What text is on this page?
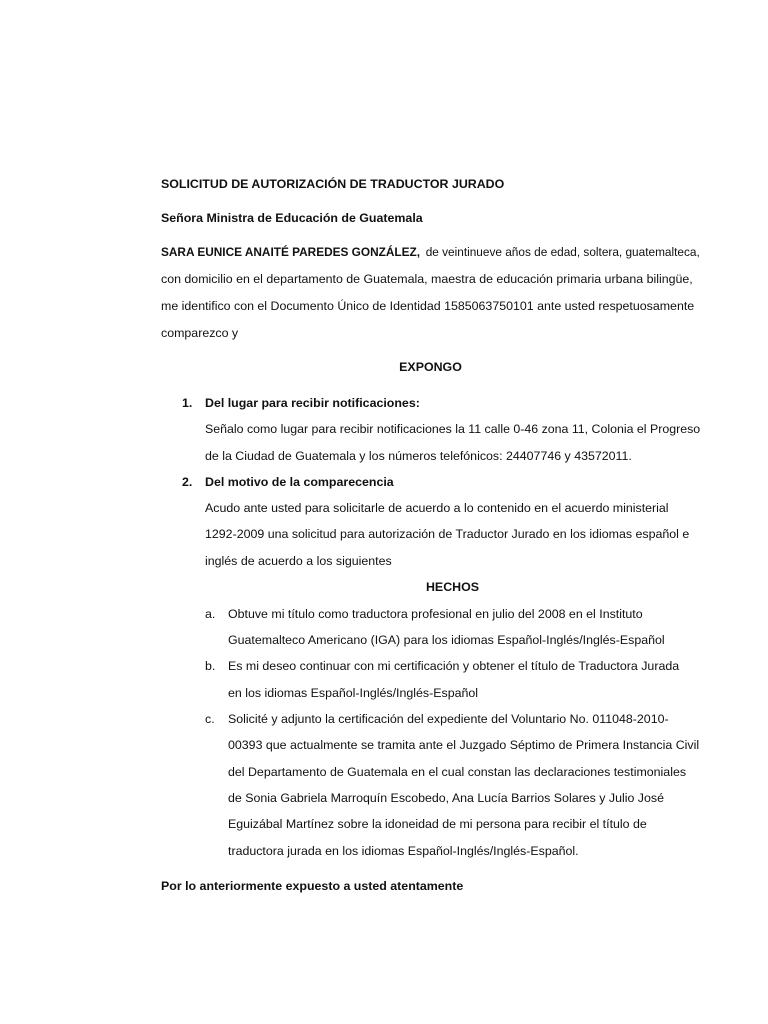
SOLICITUD DE AUTORIZACIÓN DE TRADUCTOR JURADO
Señora Ministra de Educación de Guatemala
SARA EUNICE ANAITÉ PAREDES GONZÁLEZ, de veintinueve años de edad, soltera, guatemalteca,
con domicilio en el departamento de Guatemala, maestra de educación primaria urbana bilingüe,
me identifico con el Documento Único de Identidad 1585063750101 ante usted respetuosamente
comparezco y
EXPONGO
1. Del lugar para recibir notificaciones:
Señalo como lugar para recibir notificaciones la 11 calle 0-46 zona 11, Colonia el Progreso
de la Ciudad de Guatemala y los números telefónicos: 24407746 y 43572011.
2. Del motivo de la comparecencia
Acudo ante usted para solicitarle de acuerdo a lo contenido en el acuerdo ministerial
1292-2009 una solicitud para autorización de Traductor Jurado en los idiomas español e
inglés de acuerdo a los siguientes
HECHOS
a. Obtuve mi título como traductora profesional en julio del 2008 en el Instituto
Guatemalteco Americano (IGA) para los idiomas Español-Inglés/Inglés-Español
b. Es mi deseo continuar con mi certificación y obtener el título de Traductora Jurada
en los idiomas Español-Inglés/Inglés-Español
c. Solicité y adjunto la certificación del expediente del Voluntario No. 011048-2010-
00393 que actualmente se tramita ante el Juzgado Séptimo de Primera Instancia Civil
del Departamento de Guatemala en el cual constan las declaraciones testimoniales
de Sonia Gabriela Marroquín Escobedo, Ana Lucía Barrios Solares y Julio José
Eguizábal Martínez sobre la idoneidad de mi persona para recibir el título de
traductora jurada en los idiomas Español-Inglés/Inglés-Español.
Por lo anteriormente expuesto a usted atentamente
